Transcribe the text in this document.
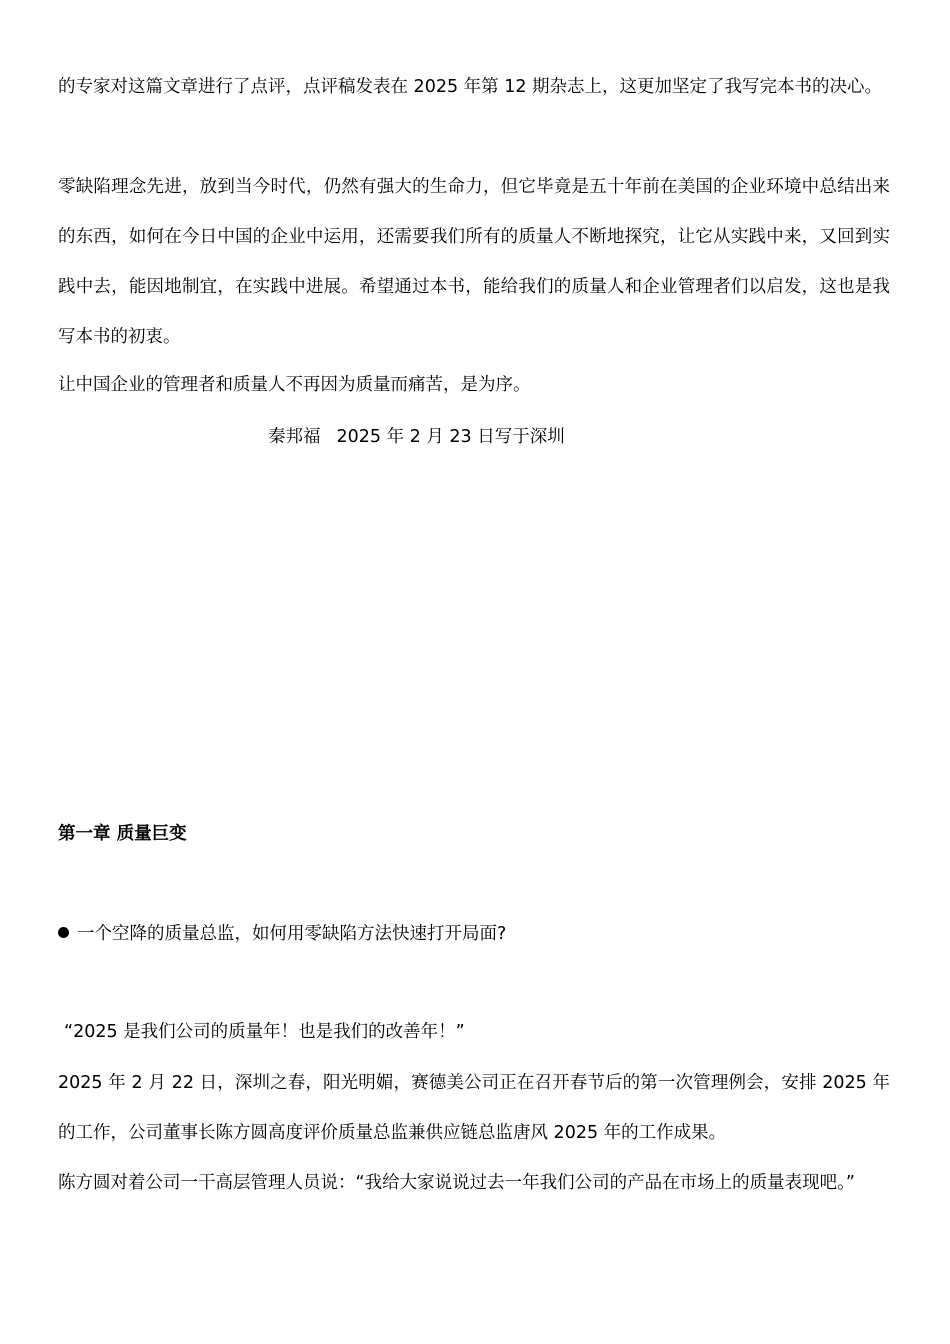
的专家对这篇文章进行了点评，点评稿发表在 2025 年第 12 期杂志上，这更加坚定了我写完本书的决心。

零缺陷理念先进，放到当今时代，仍然有强大的生命力，但它毕竟是五十年前在美国的企业环境中总结出来的东西，如何在今日中国的企业中运用，还需要我们所有的质量人不断地探究，让它从实践中来，又回到实践中去，能因地制宜，在实践中进展。希望通过本书，能给我们的质量人和企业管理者们以启发，这也是我写本书的初衷。

让中国企业的管理者和质量人不再因为质量而痛苦，是为序。

秦邦福 2025 年 2 月 23 日写于深圳
第一章 质量巨变
一个空降的质量总监，如何用零缺陷方法快速打开局面?
“2025 是我们公司的质量年！也是我们的改善年！”

2025 年 2 月 22 日，深圳之春，阳光明媚，赛德美公司正在召开春节后的第一次管理例会，安排 2025 年的工作，公司董事长陈方圆高度评价质量总监兼供应链总监唐风 2025 年的工作成果。

陈方圆对着公司一干高层管理人员说：“我给大家说说过去一年我们公司的产品在市场上的质量表现吧。”
